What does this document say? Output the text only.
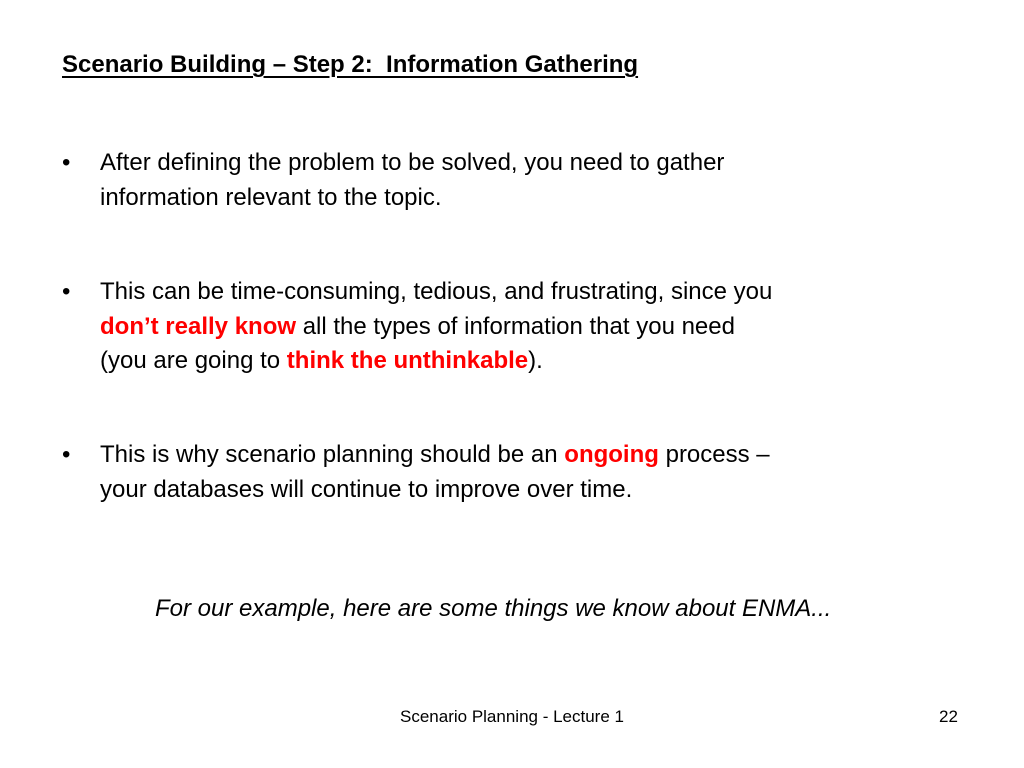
Scenario Building – Step 2:  Information Gathering
• After defining the problem to be solved, you need to gather
information relevant to the topic.
• This can be time-consuming, tedious, and frustrating, since you
don’t really know all the types of information that you need
(you are going to think the unthinkable).
• This is why scenario planning should be an ongoing process –
your databases will continue to improve over time.
For our example, here are some things we know about ENMA...
Scenario Planning - Lecture 1	22
